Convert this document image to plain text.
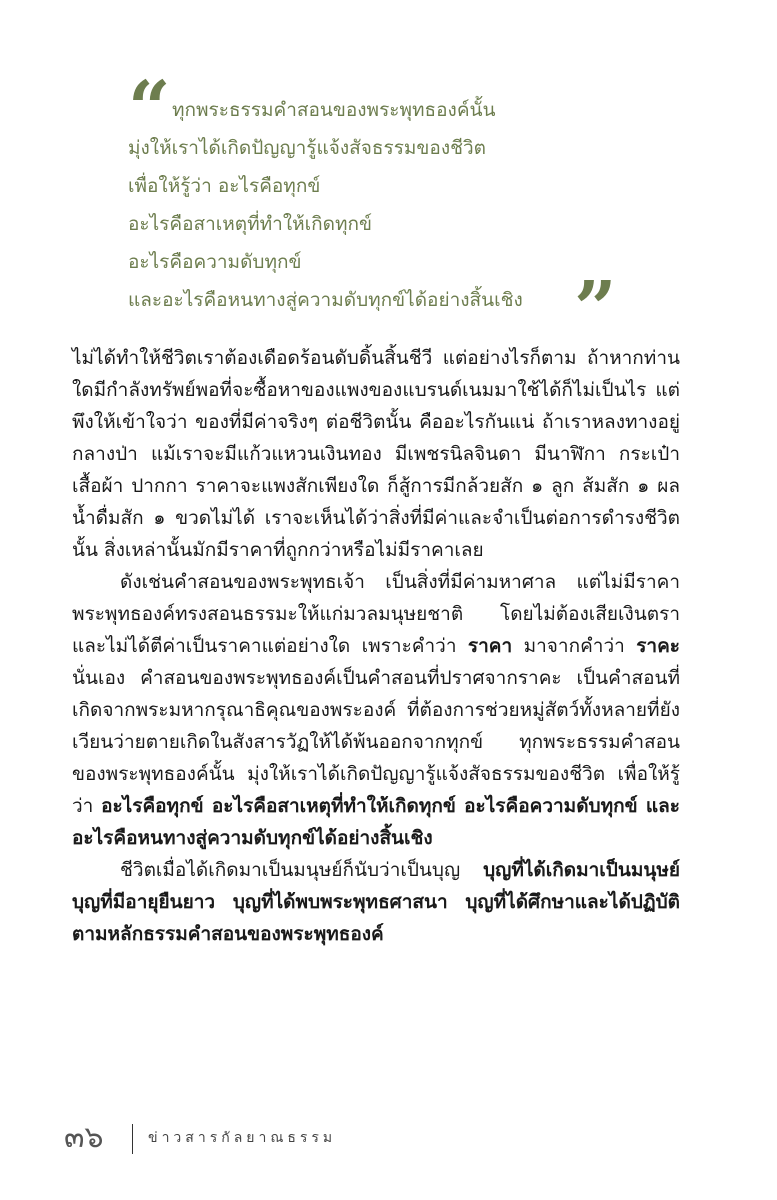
“ ทุกพระธรรมคำสอนของพระพุทธองค์นั้น
มุ่งให้เราได้เกิดปัญญารู้แจ้งสัจธรรมของชีวิต
เพื่อให้รู้ว่า อะไรคือทุกข์
อะไรคือสาเหตุที่ทำให้เกิดทุกข์
อะไรคือความดับทุกข์
และอะไรคือหนทางสู่ความดับทุกข์ได้อย่างสิ้นเชิง ”

ไม่ได้ทำให้ชีวิตเราต้องเดือดร้อนดับดิ้นสิ้นชีวี แต่อย่างไรก็ตาม ถ้าหากท่านใดมีกำลังทรัพย์พอที่จะซื้อหาของแพงของแบรนด์เนมมาใช้ได้ก็ไม่เป็นไร แต่พึงให้เข้าใจว่า ของที่มีค่าจริงๆ ต่อชีวิตนั้น คืออะไรกันแน่ ถ้าเราหลงทางอยู่กลางป่า แม้เราจะมีแก้วแหวนเงินทอง มีเพชรนิลจินดา มีนาฬิกา กระเป๋า เสื้อผ้า ปากกา ราคาจะแพงสักเพียงใด ก็สู้การมีกล้วยสัก ๑ ลูก ส้มสัก ๑ ผล น้ำดื่มสัก ๑ ขวดไม่ได้ เราจะเห็นได้ว่าสิ่งที่มีค่าและจำเป็นต่อการดำรงชีวิตนั้น สิ่งเหล่านั้นมักมีราคาที่ถูกกว่าหรือไม่มีราคาเลย

ดังเช่นคำสอนของพระพุทธเจ้า เป็นสิ่งที่มีค่ามหาศาล แต่ไม่มีราคา พระพุทธองค์ทรงสอนธรรมะให้แก่มวลมนุษยชาติ โดยไม่ต้องเสียเงินตรา และไม่ได้ตีค่าเป็นราคาแต่อย่างใด เพราะคำว่า ราคา มาจากคำว่า ราคะ นั่นเอง คำสอนของพระพุทธองค์เป็นคำสอนที่ปราศจากราคะ เป็นคำสอนที่เกิดจากพระมหากรุณาธิคุณของพระองค์ ที่ต้องการช่วยหมู่สัตว์ทั้งหลายที่ยังเวียนว่ายตายเกิดในสังสารวัฏให้ได้พ้นออกจากทุกข์ ทุกพระธรรมคำสอนของพระพุทธองค์นั้น มุ่งให้เราได้เกิดปัญญารู้แจ้งสัจธรรมของชีวิต เพื่อให้รู้ว่า อะไรคือทุกข์ อะไรคือสาเหตุที่ทำให้เกิดทุกข์ อะไรคือความดับทุกข์ และอะไรคือหนทางสู่ความดับทุกข์ได้อย่างสิ้นเชิง

ชีวิตเมื่อได้เกิดมาเป็นมนุษย์ก็นับว่าเป็นบุญ บุญที่ได้เกิดมาเป็นมนุษย์ บุญที่มีอายุยืนยาว บุญที่ได้พบพระพุทธศาสนา บุญที่ได้ศึกษาและได้ปฏิบัติตามหลักธรรมคำสอนของพระพุทธองค์

๓๖	ข่าวสารกัลยาณธรรม
